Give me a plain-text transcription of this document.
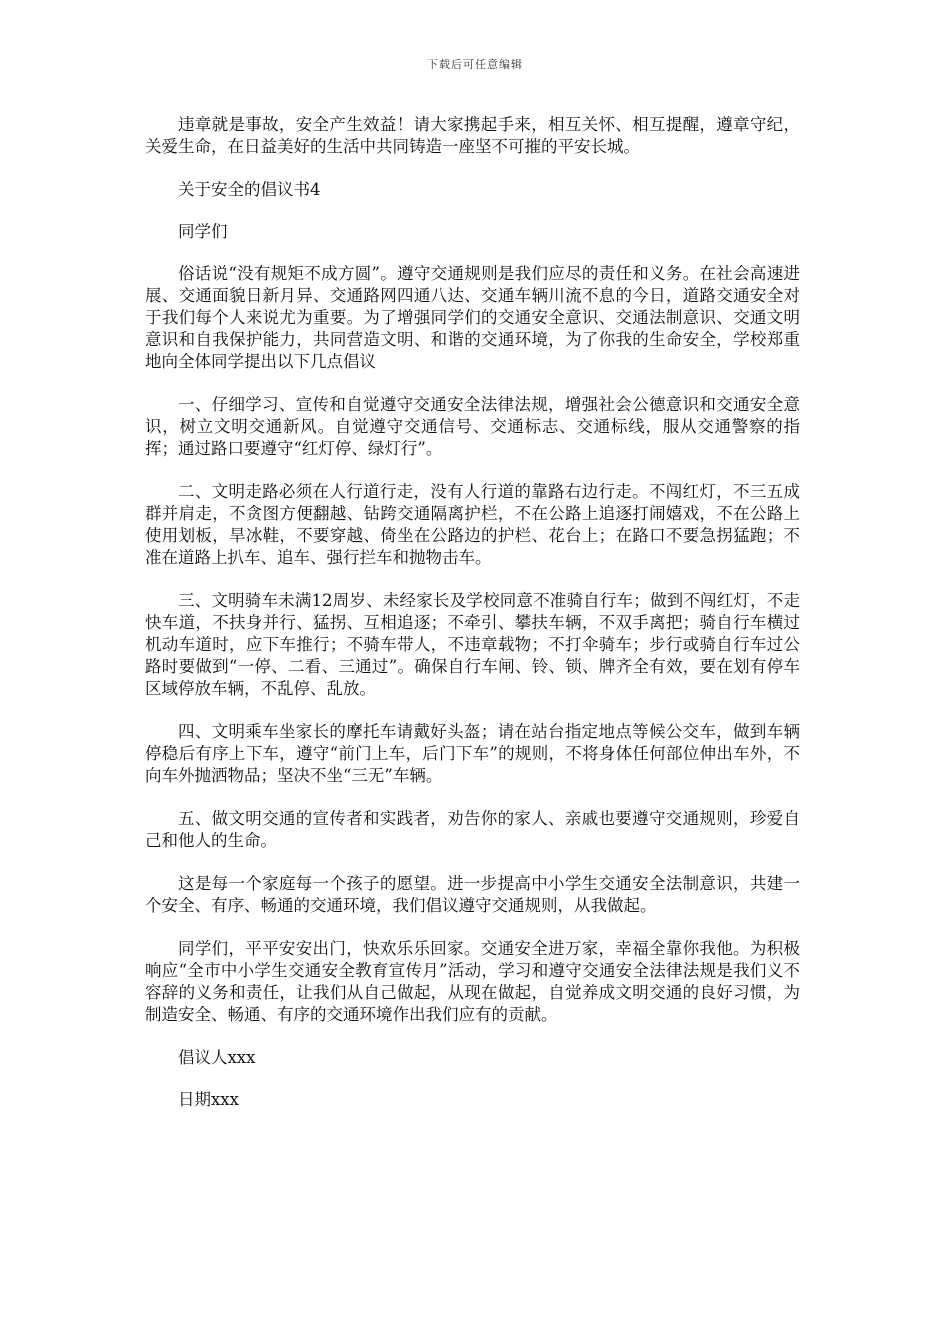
下载后可任意编辑

违章就是事故，安全产生效益！请大家携起手来，相互关怀、相互提醒，遵章守纪，关爱生命，在日益美好的生活中共同铸造一座坚不可摧的平安长城。

关于安全的倡议书4

同学们

俗话说“没有规矩不成方圆”。遵守交通规则是我们应尽的责任和义务。在社会高速进展、交通面貌日新月异、交通路网四通八达、交通车辆川流不息的今日，道路交通安全对于我们每个人来说尤为重要。为了增强同学们的交通安全意识、交通法制意识、交通文明意识和自我保护能力，共同营造文明、和谐的交通环境，为了你我的生命安全，学校郑重地向全体同学提出以下几点倡议

一、仔细学习、宣传和自觉遵守交通安全法律法规，增强社会公德意识和交通安全意识，树立文明交通新风。自觉遵守交通信号、交通标志、交通标线，服从交通警察的指挥；通过路口要遵守“红灯停、绿灯行”。

二、文明走路必须在人行道行走，没有人行道的靠路右边行走。不闯红灯，不三五成群并肩走，不贪图方便翻越、钻跨交通隔离护栏，不在公路上追逐打闹嬉戏，不在公路上使用划板，旱冰鞋，不要穿越、倚坐在公路边的护栏、花台上；在路口不要急拐猛跑；不准在道路上扒车、追车、强行拦车和抛物击车。

三、文明骑车未满12周岁、未经家长及学校同意不准骑自行车；做到不闯红灯，不走快车道，不扶身并行、猛拐、互相追逐；不牵引、攀扶车辆，不双手离把；骑自行车横过机动车道时，应下车推行；不骑车带人，不违章载物；不打伞骑车；步行或骑自行车过公路时要做到“一停、二看、三通过”。确保自行车闸、铃、锁、牌齐全有效，要在划有停车区域停放车辆，不乱停、乱放。

四、文明乘车坐家长的摩托车请戴好头盔；请在站台指定地点等候公交车，做到车辆停稳后有序上下车，遵守“前门上车，后门下车”的规则，不将身体任何部位伸出车外，不向车外抛洒物品；坚决不坐“三无”车辆。

五、做文明交通的宣传者和实践者，劝告你的家人、亲戚也要遵守交通规则，珍爱自己和他人的生命。

这是每一个家庭每一个孩子的愿望。进一步提高中小学生交通安全法制意识，共建一个安全、有序、畅通的交通环境，我们倡议遵守交通规则，从我做起。

同学们，平平安安出门，快欢乐乐回家。交通安全进万家，幸福全靠你我他。为积极响应“全市中小学生交通安全教育宣传月”活动，学习和遵守交通安全法律法规是我们义不容辞的义务和责任，让我们从自己做起，从现在做起，自觉养成文明交通的良好习惯，为制造安全、畅通、有序的交通环境作出我们应有的贡献。

倡议人xxx

日期xxx
